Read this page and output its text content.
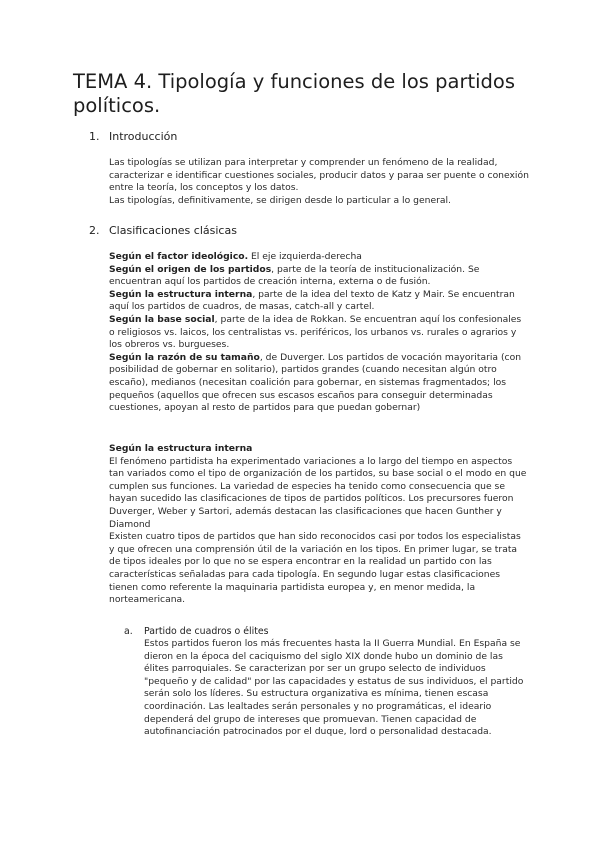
TEMA 4. Tipología y funciones de los partidos políticos.
1. Introducción

Las tipologías se utilizan para interpretar y comprender un fenómeno de la realidad, caracterizar e identificar cuestiones sociales, producir datos y paraa ser puente o conexión entre la teoría, los conceptos y los datos.

Las tipologías, definitivamente, se dirigen desde lo particular a lo general.

2. Clasificaciones clásicas

Según el factor ideológico. El eje izquierda-derecha

Según el origen de los partidos, parte de la teoría de institucionalización. Se encuentran aquí los partidos de creación interna, externa o de fusión.

Según la estructura interna, parte de la idea del texto de Katz y Mair. Se encuentran aquí los partidos de cuadros, de masas, catch-all y cartel.

Según la base social, parte de la idea de Rokkan. Se encuentran aquí los confesionales o religiosos vs. laicos, los centralistas vs. periféricos, los urbanos vs. rurales o agrarios y los obreros vs. burgueses.

Según la razón de su tamaño, de Duverger. Los partidos de vocación mayoritaria (con posibilidad de gobernar en solitario), partidos grandes (cuando necesitan algún otro escaño), medianos (necesitan coalición para gobernar, en sistemas fragmentados; los pequeños (aquellos que ofrecen sus escasos escaños para conseguir determinadas cuestiones, apoyan al resto de partidos para que puedan gobernar)

Según la estructura interna

El fenómeno partidista ha experimentado variaciones a lo largo del tiempo en aspectos tan variados como el tipo de organización de los partidos, su base social o el modo en que cumplen sus funciones. La variedad de especies ha tenido como consecuencia que se hayan sucedido las clasificaciones de tipos de partidos políticos. Los precursores fueron Duverger, Weber y Sartori, además destacan las clasificaciones que hacen Gunther y Diamond

Existen cuatro tipos de partidos que han sido reconocidos casi por todos los especialistas y que ofrecen una comprensión útil de la variación en los tipos. En primer lugar, se trata de tipos ideales por lo que no se espera encontrar en la realidad un partido con las características señaladas para cada tipología. En segundo lugar estas clasificaciones tienen como referente la maquinaria partidista europea y, en menor medida, la norteamericana.

a. Partido de cuadros o élites

Estos partidos fueron los más frecuentes hasta la II Guerra Mundial. En España se dieron en la época del caciquismo del siglo XIX donde hubo un dominio de las élites parroquiales. Se caracterizan por ser un grupo selecto de individuos "pequeño y de calidad" por las capacidades y estatus de sus individuos, el partido serán solo los líderes. Su estructura organizativa es mínima, tienen escasa coordinación. Las lealtades serán personales y no programáticas, el ideario dependerá del grupo de intereses que promuevan. Tienen capacidad de autofinanciación patrocinados por el duque, lord o personalidad destacada.
